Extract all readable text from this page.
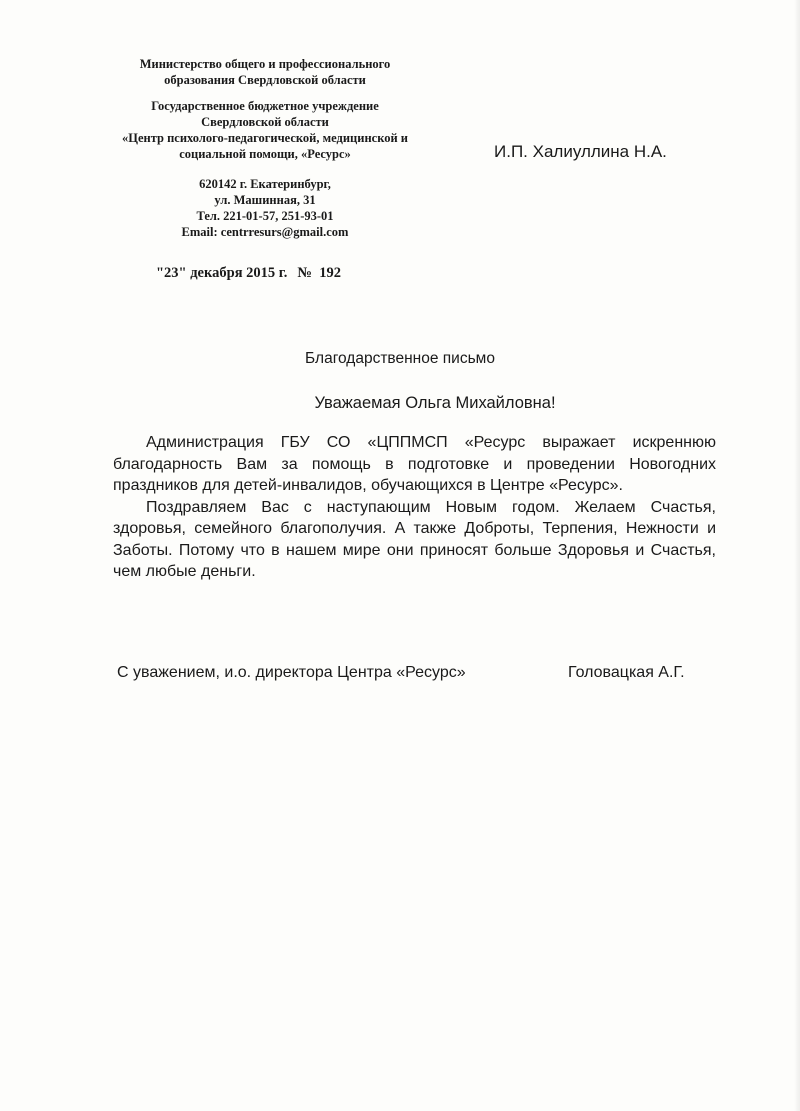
Министерство общего и профессионального
образования Свердловской области
Государственное бюджетное учреждение
Свердловской области
«Центр психолого-педагогической, медицинской и
социальной помощи, «Ресурс»
620142 г. Екатеринбург,
ул. Машинная, 31
Тел. 221-01-57, 251-93-01
Email: centrresurs@gmail.com
"23" декабря 2015 г. № 192
И.П. Халиуллина Н.А.
Благодарственное письмо
Уважаемая Ольга Михайловна!

Администрация ГБУ СО «ЦППМСП «Ресурс выражает искреннюю благодарность Вам за помощь в подготовке и проведении Новогодних праздников для детей-инвалидов, обучающихся в Центре «Ресурс».

Поздравляем Вас с наступающим Новым годом. Желаем Счастья, здоровья, семейного благополучия. А также Доброты, Терпения, Нежности и Заботы. Потому что в нашем мире они приносят больше Здоровья и Счастья, чем любые деньги.

С уважением, и.о. директора Центра «Ресурс»	Головацкая А.Г.
